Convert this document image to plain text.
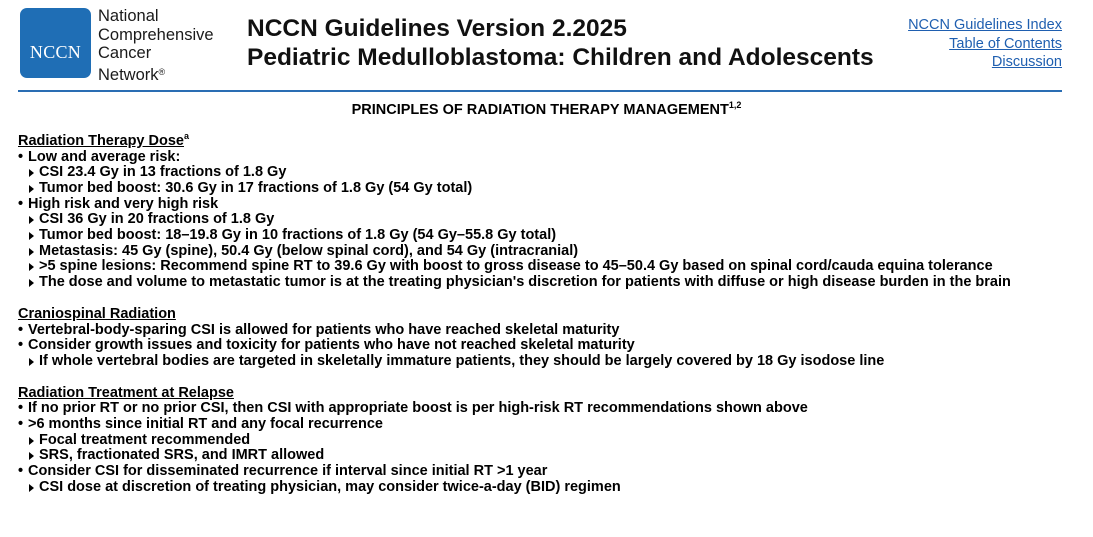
NCCN
National
Comprehensive
Cancer
Network®
NCCN Guidelines Version 2.2025
Pediatric Medulloblastoma: Children and Adolescents
NCCN Guidelines Index
Table of Contents
Discussion
PRINCIPLES OF RADIATION THERAPY MANAGEMENT$^{1,2}$
Radiation Therapy Dose$^a$
• Low and average risk:
CSI 23.4 Gy in 13 fractions of 1.8 Gy
Tumor bed boost: 30.6 Gy in 17 fractions of 1.8 Gy (54 Gy total)
• High risk and very high risk
CSI 36 Gy in 20 fractions of 1.8 Gy
Tumor bed boost: 18–19.8 Gy in 10 fractions of 1.8 Gy (54 Gy–55.8 Gy total)
Metastasis: 45 Gy (spine), 50.4 Gy (below spinal cord), and 54 Gy (intracranial)
>5 spine lesions: Recommend spine RT to 39.6 Gy with boost to gross disease to 45–50.4 Gy based on spinal cord/cauda equina tolerance
The dose and volume to metastatic tumor is at the treating physician's discretion for patients with diffuse or high disease burden in the brain
Craniospinal Radiation
• Vertebral-body-sparing CSI is allowed for patients who have reached skeletal maturity
• Consider growth issues and toxicity for patients who have not reached skeletal maturity
If whole vertebral bodies are targeted in skeletally immature patients, they should be largely covered by 18 Gy isodose line
Radiation Treatment at Relapse
• If no prior RT or no prior CSI, then CSI with appropriate boost is per high-risk RT recommendations shown above
• >6 months since initial RT and any focal recurrence
Focal treatment recommended
SRS, fractionated SRS, and IMRT allowed
• Consider CSI for disseminated recurrence if interval since initial RT >1 year
CSI dose at discretion of treating physician, may consider twice-a-day (BID) regimen
